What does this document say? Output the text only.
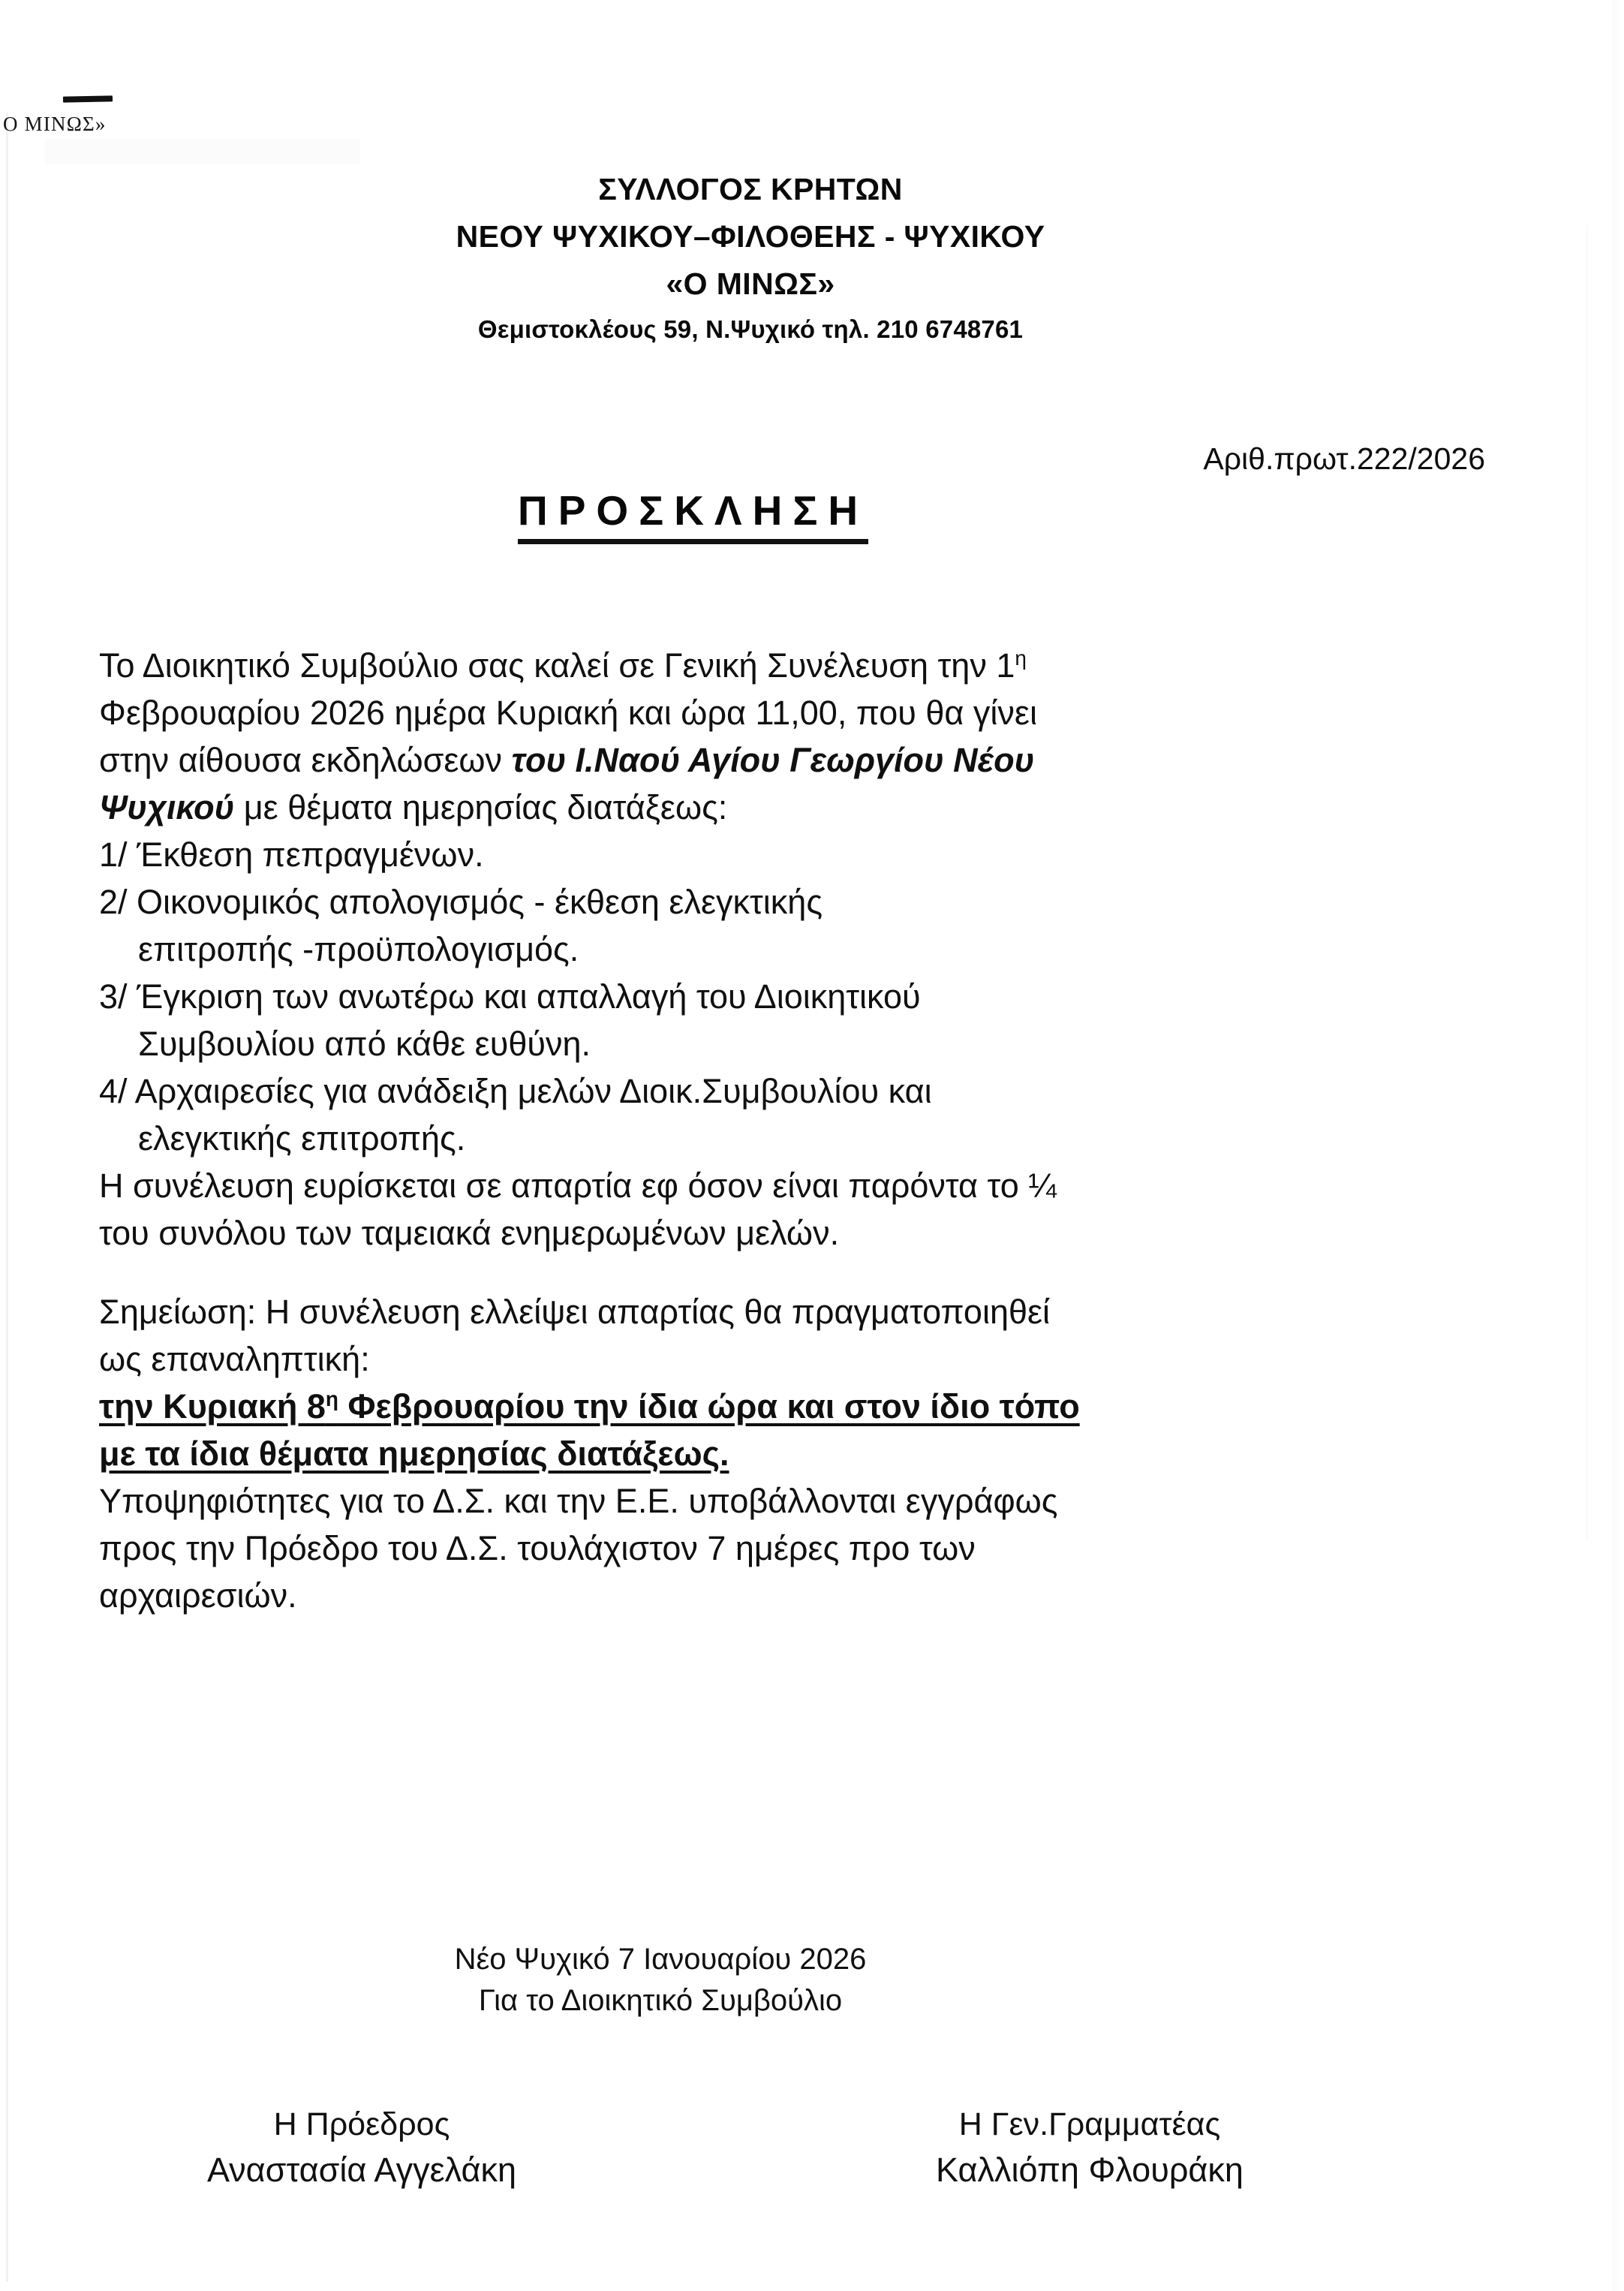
Ο ΜΙΝΩΣ»
ΣΥΛΛΟΓΟΣ ΚΡΗΤΩΝ
ΝΕΟΥ ΨΥΧΙΚΟΥ–ΦΙΛΟΘΕΗΣ - ΨΥΧΙΚΟΥ
«Ο ΜΙΝΩΣ»
Θεμιστοκλέους 59, Ν.Ψυχικό τηλ. 210 6748761
Αριθ.πρωτ.222/2026
ΠΡΟΣΚΛΗΣΗ
Το Διοικητικό Συμβούλιο σας καλεί σε Γενική Συνέλευση την $1^\eta$
Φεβρουαρίου 2026 ημέρα Κυριακή και ώρα 11,00, που θα γίνει
στην αίθουσα εκδηλώσεων του Ι.Ναού Αγίου Γεωργίου Νέου
Ψυχικού με θέματα ημερησίας διατάξεως:
1/ Έκθεση πεπραγμένων.
2/ Οικονομικός απολογισμός - έκθεση ελεγκτικής
επιτροπής -προϋπολογισμός.
3/ Έγκριση των ανωτέρω και απαλλαγή του Διοικητικού
Συμβουλίου από κάθε ευθύνη.
4/ Αρχαιρεσίες για ανάδειξη μελών Διοικ.Συμβουλίου και
ελεγκτικής επιτροπής.
Η συνέλευση ευρίσκεται σε απαρτία εφ όσον είναι παρόντα το ¼
του συνόλου των ταμειακά ενημερωμένων μελών.
Σημείωση: Η συνέλευση ελλείψει απαρτίας θα πραγματοποιηθεί
ως επαναληπτική:
την Κυριακή $8^\eta$ Φεβρουαρίου την ίδια ώρα και στον ίδιο τόπο
με τα ίδια θέματα ημερησίας διατάξεως.
Υποψηφιότητες για το Δ.Σ. και την Ε.Ε. υποβάλλονται εγγράφως
προς την Πρόεδρο του Δ.Σ. τουλάχιστον 7 ημέρες προ των
αρχαιρεσιών.
Νέο Ψυχικό 7 Ιανουαρίου 2026
Για το Διοικητικό Συμβούλιο
Η Πρόεδρος
Αναστασία Αγγελάκη
Η Γεν.Γραμματέας
Καλλιόπη Φλουράκη
